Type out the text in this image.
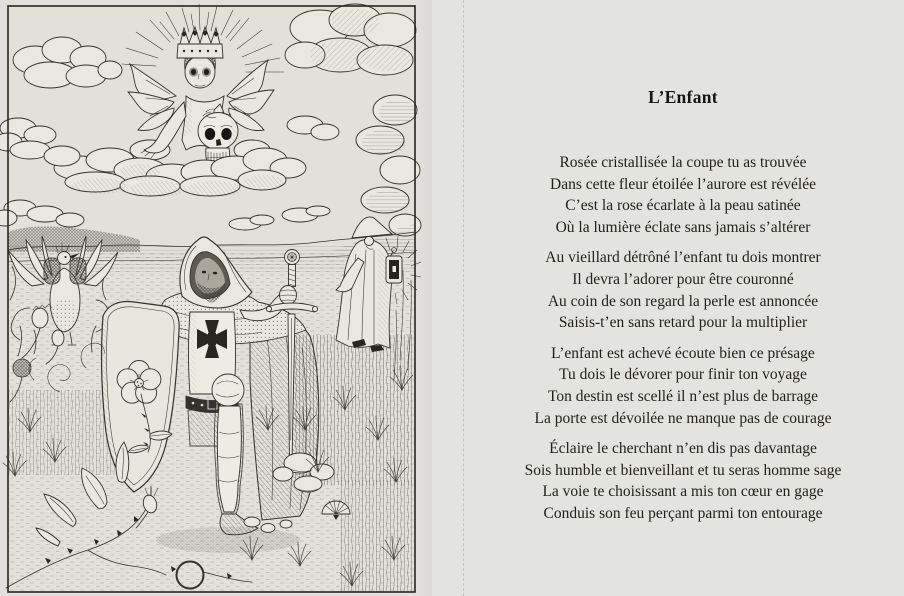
L’Enfant

Rosée cristallisée la coupe tu as trouvée

Dans cette fleur étoilée l’aurore est révélée

C’est la rose écarlate à la peau satinée

Où la lumière éclate sans jamais s’altérer

Au vieillard détrôné l’enfant tu dois montrer

Il devra l’adorer pour être couronné

Au coin de son regard la perle est annoncée

Saisis-t’en sans retard pour la multiplier

L’enfant est achevé écoute bien ce présage

Tu dois le dévorer pour finir ton voyage

Ton destin est scellé il n’est plus de barrage

La porte est dévoilée ne manque pas de courage

Éclaire le cherchant n’en dis pas davantage

Sois humble et bienveillant et tu seras homme sage

La voie te choisissant a mis ton cœur en gage

Conduis son feu perçant parmi ton entourage
